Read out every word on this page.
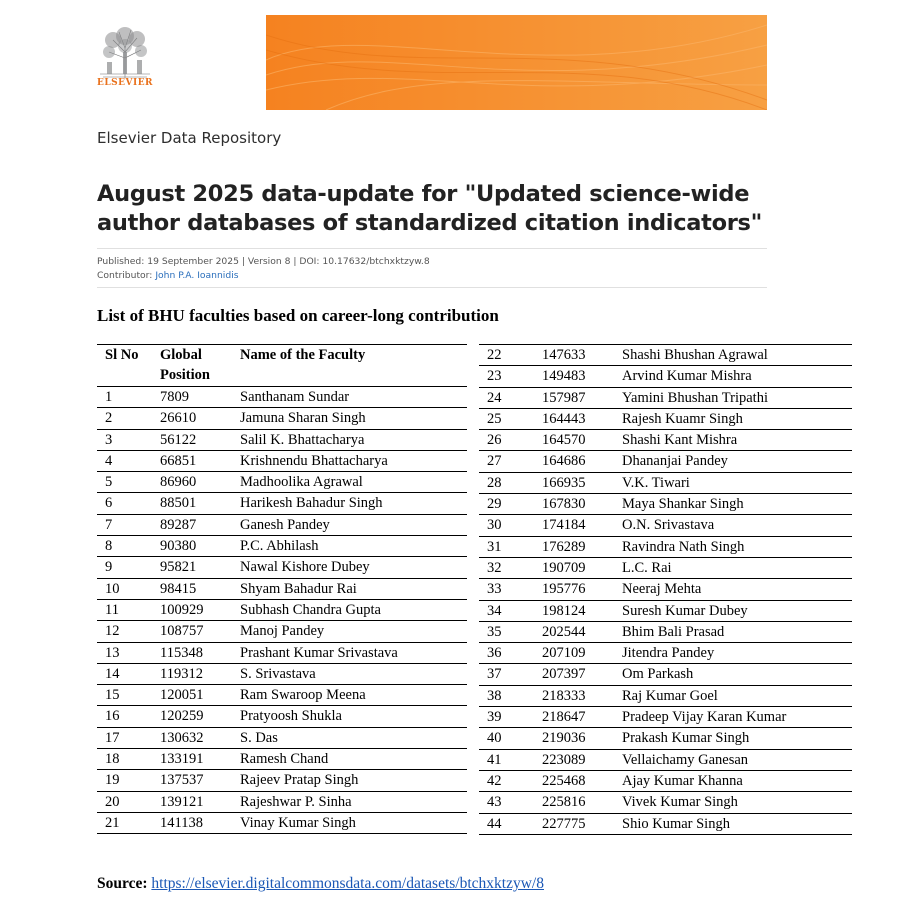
ELSEVIER
Elsevier Data Repository
August 2025 data-update for "Updated science-wide author databases of standardized citation indicators"
Published: 19 September 2025 | Version 8 | DOI: 10.17632/btchxktzyw.8
Contributor: John P.A. Ioannidis
List of BHU faculties based on career-long contribution
Sl No	Global Position	Name of the Faculty
1	7809	Santhanam Sundar
2	26610	Jamuna Sharan Singh
3	56122	Salil K. Bhattacharya
4	66851	Krishnendu Bhattacharya
5	86960	Madhoolika Agrawal
6	88501	Harikesh Bahadur Singh
7	89287	Ganesh Pandey
8	90380	P.C. Abhilash
9	95821	Nawal Kishore Dubey
10	98415	Shyam Bahadur Rai
11	100929	Subhash Chandra Gupta
12	108757	Manoj Pandey
13	115348	Prashant Kumar Srivastava
14	119312	S. Srivastava
15	120051	Ram Swaroop Meena
16	120259	Pratyoosh Shukla
17	130632	S. Das
18	133191	Ramesh Chand
19	137537	Rajeev Pratap Singh
20	139121	Rajeshwar P. Sinha
21	141138	Vinay Kumar Singh
22	147633	Shashi Bhushan Agrawal
23	149483	Arvind Kumar Mishra
24	157987	Yamini Bhushan Tripathi
25	164443	Rajesh Kuamr Singh
26	164570	Shashi Kant Mishra
27	164686	Dhananjai Pandey
28	166935	V.K. Tiwari
29	167830	Maya Shankar Singh
30	174184	O.N. Srivastava
31	176289	Ravindra Nath Singh
32	190709	L.C. Rai
33	195776	Neeraj Mehta
34	198124	Suresh Kumar Dubey
35	202544	Bhim Bali Prasad
36	207109	Jitendra Pandey
37	207397	Om Parkash
38	218333	Raj Kumar Goel
39	218647	Pradeep Vijay Karan Kumar
40	219036	Prakash Kumar Singh
41	223089	Vellaichamy Ganesan
42	225468	Ajay Kumar Khanna
43	225816	Vivek Kumar Singh
44	227775	Shio Kumar Singh
Source: https://elsevier.digitalcommonsdata.com/datasets/btchxktzyw/8
